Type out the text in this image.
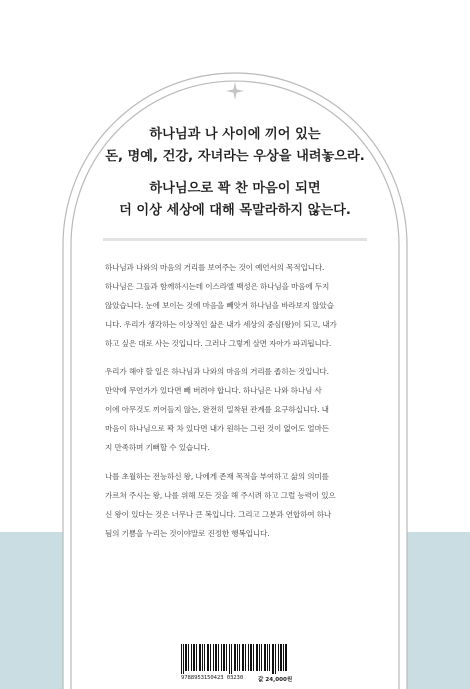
하나님과 나 사이에 끼어 있는
돈, 명예, 건강, 자녀라는 우상을 내려놓으라.
하나님으로 꽉 찬 마음이 되면
더 이상 세상에 대해 목말라하지 않는다.
하나님과 나와의 마음의 거리를 보여주는 것이 예언서의 목적입니다.
하나님은 그들과 함께하시는데 이스라엘 백성은 하나님을 마음에 두지
않았습니다. 눈에 보이는 것에 마음을 빼앗겨 하나님을 바라보지 않았습
니다. 우리가 생각하는 이상적인 삶은 내가 세상의 중심(왕)이 되고, 내가
하고 싶은 대로 사는 것입니다. 그러나 그렇게 살면 자아가 파괴됩니다.
우리가 해야 할 일은 하나님과 나와의 마음의 거리를 좁히는 것입니다.
만약에 무언가가 있다면 빼 버려야 합니다. 하나님은 나와 하나님 사
이에 아무것도 끼어들지 않는, 완전히 밀착된 관계를 요구하십니다. 내
마음이 하나님으로 꽉 차 있다면 내가 원하는 그런 것이 없어도 얼마든
지 만족하며 기뻐할 수 있습니다.
나를 초월하는 전능하신 왕, 나에게 존재 목적을 부여하고 삶의 의미를
가르쳐 주시는 왕, 나를 위해 모든 것을 해 주시려 하고 그럴 능력이 있으
신 왕이 있다는 것은 너무나 큰 복입니다. 그리고 그분과 연합하여 하나
됨의 기쁨을 누리는 것이야말로 진정한 행복입니다.
9788953150423 03230	값 24,000원
